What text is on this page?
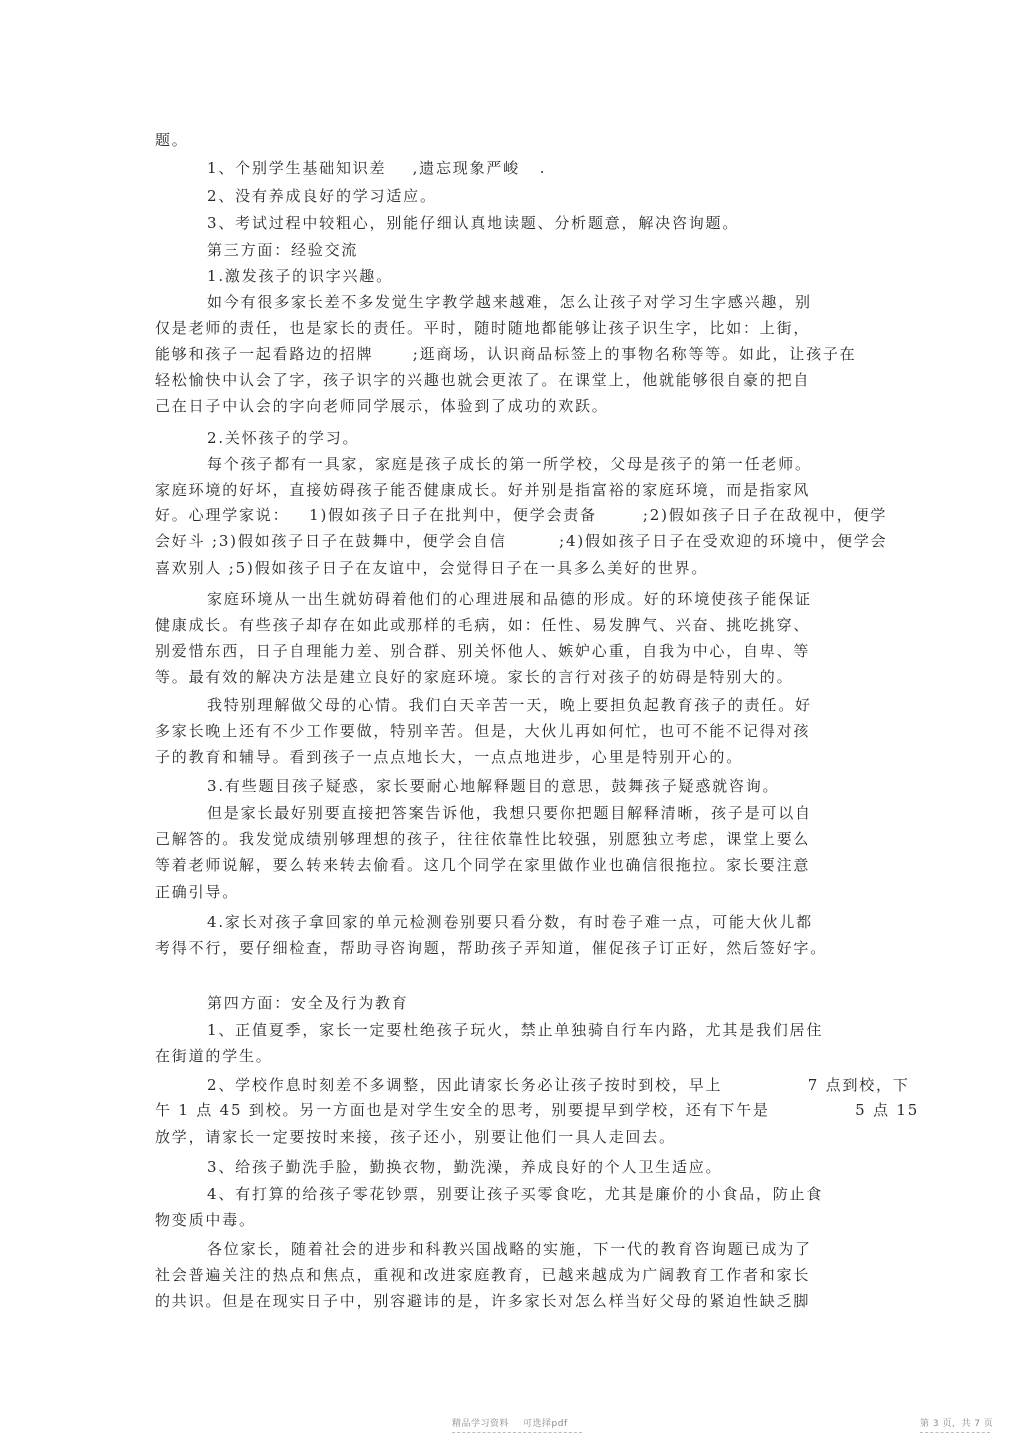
题。

1、个别学生基础知识差    ,遗忘现象严峻   .

2、没有养成良好的学习适应。

3、考试过程中较粗心，别能仔细认真地读题、分析题意，解决咨询题。

第三方面：经验交流

1.激发孩子的识字兴趣。

如今有很多家长差不多发觉生字教学越来越难，怎么让孩子对学习生字感兴趣，别

仅是老师的责任，也是家长的责任。平时，随时随地都能够让孩子识生字，比如：上街，

能够和孩子一起看路边的招牌      ;逛商场，认识商品标签上的事物名称等等。如此，让孩子在

轻松愉快中认会了字，孩子识字的兴趣也就会更浓了。在课堂上，他就能够很自豪的把自

己在日子中认会的字向老师同学展示，体验到了成功的欢跃。

2.关怀孩子的学习。

每个孩子都有一具家，家庭是孩子成长的第一所学校，父母是孩子的第一任老师。

家庭环境的好坏，直接妨碍孩子能否健康成长。好并别是指富裕的家庭环境，而是指家风

好。心理学家说：   1)假如孩子日子在批判中，便学会责备       ;2)假如孩子日子在敌视中，便学

会好斗 ;3)假如孩子日子在鼓舞中，便学会自信        ;4)假如孩子日子在受欢迎的环境中，便学会

喜欢别人 ;5)假如孩子日子在友谊中，会觉得日子在一具多么美好的世界。

家庭环境从一出生就妨碍着他们的心理进展和品德的形成。好的环境使孩子能保证

健康成长。有些孩子却存在如此或那样的毛病，如：任性、易发脾气、兴奋、挑吃挑穿、

别爱惜东西，日子自理能力差、别合群、别关怀他人、嫉妒心重，自我为中心，自卑、等

等。最有效的解决方法是建立良好的家庭环境。家长的言行对孩子的妨碍是特别大的。

我特别理解做父母的心情。我们白天辛苦一天，晚上要担负起教育孩子的责任。好

多家长晚上还有不少工作要做，特别辛苦。但是，大伙儿再如何忙，也可不能不记得对孩

子的教育和辅导。看到孩子一点点地长大，一点点地进步，心里是特别开心的。

3.有些题目孩子疑惑，家长要耐心地解释题目的意思，鼓舞孩子疑惑就咨询。

但是家长最好别要直接把答案告诉他，我想只要你把题目解释清晰，孩子是可以自

己解答的。我发觉成绩别够理想的孩子，往往依靠性比较强，别愿独立考虑，课堂上要么

等着老师说解，要么转来转去偷看。这几个同学在家里做作业也确信很拖拉。家长要注意

正确引导。

4.家长对孩子拿回家的单元检测卷别要只看分数，有时卷子难一点，可能大伙儿都

考得不行，要仔细检查，帮助寻咨询题，帮助孩子弄知道，催促孩子订正好，然后签好字。

第四方面：安全及行为教育

1、正值夏季，家长一定要杜绝孩子玩火，禁止单独骑自行车内路，尤其是我们居住

在街道的学生。

2、学校作息时刻差不多调整，因此请家长务必让孩子按时到校，早上             7 点到校，下

午 1 点 45 到校。另一方面也是对学生安全的思考，别要提早到学校，还有下午是             5 点 15

放学，请家长一定要按时来接，孩子还小，别要让他们一具人走回去。

3、给孩子勤洗手脸，勤换衣物，勤洗澡，养成良好的个人卫生适应。

4、有打算的给孩子零花钞票，别要让孩子买零食吃，尤其是廉价的小食品，防止食

物变质中毒。

各位家长，随着社会的进步和科教兴国战略的实施，下一代的教育咨询题已成为了

社会普遍关注的热点和焦点，重视和改进家庭教育，已越来越成为广阔教育工作者和家长

的共识。但是在现实日子中，别容避讳的是，许多家长对怎么样当好父母的紧迫性缺乏脚

精品学习资料 可选择pdf	第 3 页，共 7 页
